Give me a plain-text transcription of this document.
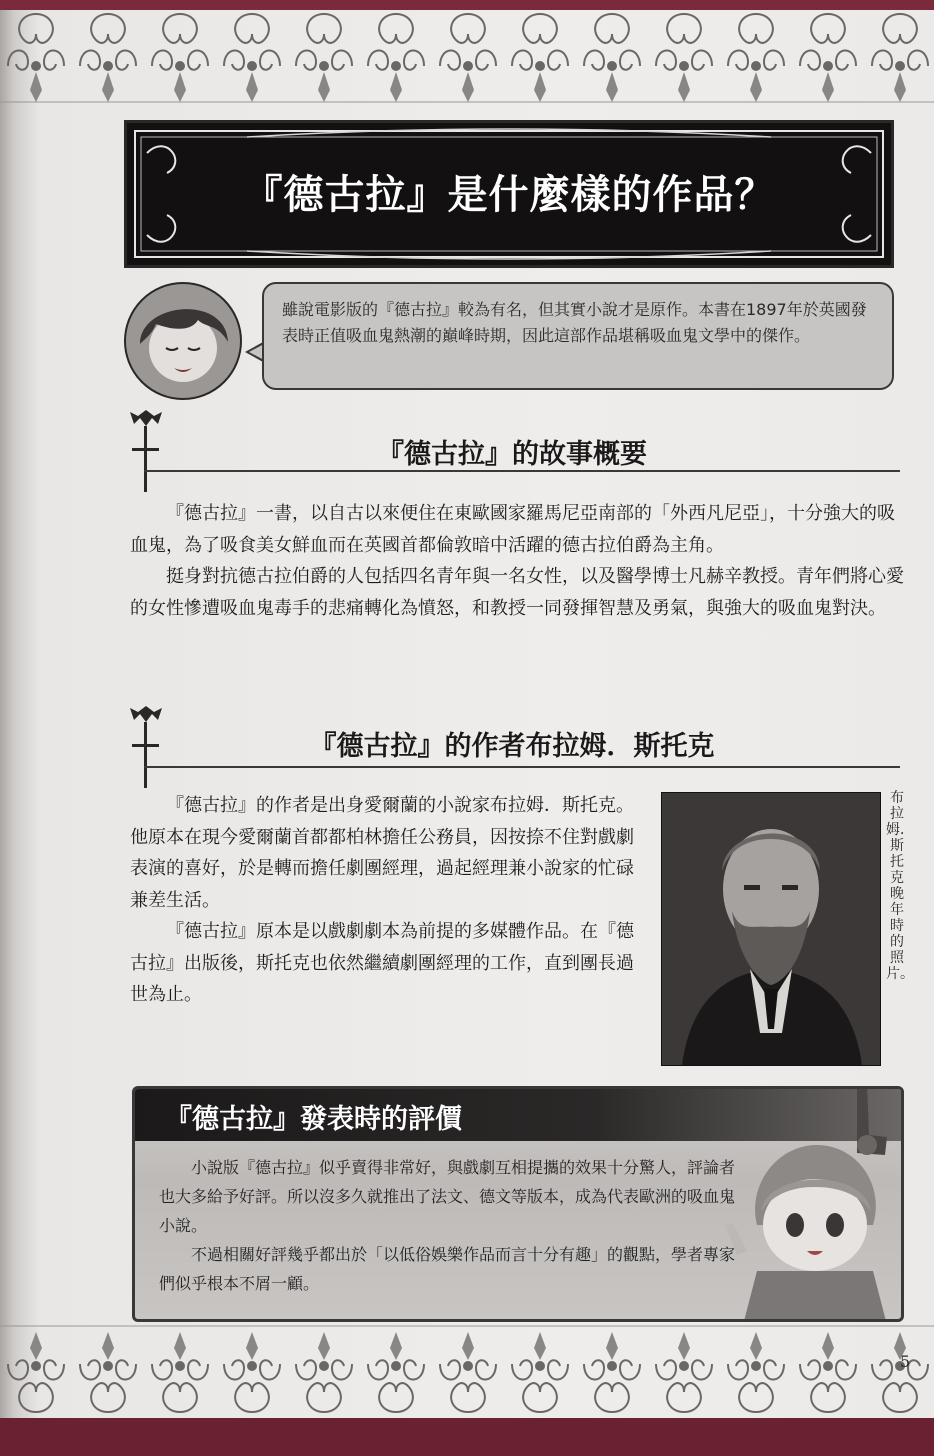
『德古拉』是什麼樣的作品？
雖說電影版的『德古拉』較為有名，但其實小說才是原作。本書在1897年於英國發表時正值吸血鬼熱潮的巔峰時期，因此這部作品堪稱吸血鬼文學中的傑作。
『德古拉』的故事概要

『德古拉』一書，以自古以來便住在東歐國家羅馬尼亞南部的「外西凡尼亞」，十分強大的吸血鬼，為了吸食美女鮮血而在英國首都倫敦暗中活躍的德古拉伯爵為主角。

挺身對抗德古拉伯爵的人包括四名青年與一名女性，以及醫學博士凡赫辛教授。青年們將心愛的女性慘遭吸血鬼毒手的悲痛轉化為憤怒，和教授一同發揮智慧及勇氣，與強大的吸血鬼對決。

『德古拉』的作者布拉姆．斯托克

『德古拉』的作者是出身愛爾蘭的小說家布拉姆．斯托克。他原本在現今愛爾蘭首都都柏林擔任公務員，因按捺不住對戲劇表演的喜好，於是轉而擔任劇團經理，過起經理兼小說家的忙碌兼差生活。

『德古拉』原本是以戲劇劇本為前提的多媒體作品。在『德古拉』出版後，斯托克也依然繼續劇團經理的工作，直到團長過世為止。

布拉姆．斯托克晚年時的照片。
『德古拉』發表時的評價

小說版『德古拉』似乎賣得非常好，與戲劇互相提攜的效果十分驚人，評論者也大多給予好評。所以沒多久就推出了法文、德文等版本，成為代表歐洲的吸血鬼小說。

不過相關好評幾乎都出於「以低俗娛樂作品而言十分有趣」的觀點，學者專家們似乎根本不屑一顧。

5
